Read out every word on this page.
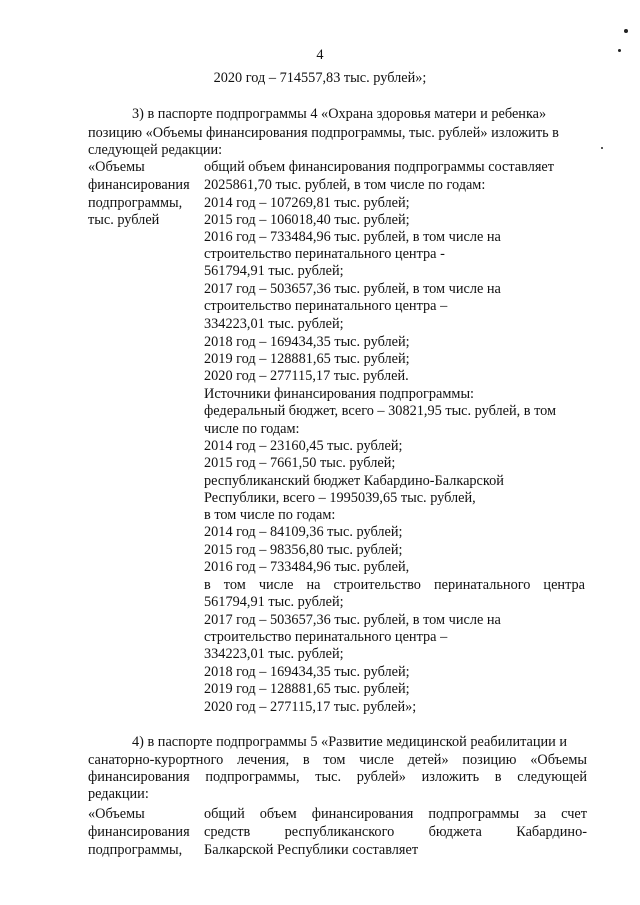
4
2020 год – 714557,83 тыс. рублей»;
3) в паспорте подпрограммы 4 «Охрана здоровья матери и ребенка»
позицию «Объемы финансирования подпрограммы, тыс. рублей» изложить в
следующей редакции:
«Объемы
финансирования
подпрограммы,
тыс. рублей
общий объем финансирования подпрограммы составляет
2025861,70 тыс. рублей, в том числе по годам:
2014 год – 107269,81 тыс. рублей;
2015 год – 106018,40 тыс. рублей;
2016 год – 733484,96 тыс. рублей, в том числе на
строительство перинатального центра -
561794,91 тыс. рублей;
2017 год – 503657,36 тыс. рублей, в том числе на
строительство перинатального центра –
334223,01 тыс. рублей;
2018 год – 169434,35 тыс. рублей;
2019 год – 128881,65 тыс. рублей;
2020 год – 277115,17 тыс. рублей.
Источники финансирования подпрограммы:
федеральный бюджет, всего – 30821,95 тыс. рублей, в том
числе по годам:
2014 год – 23160,45 тыс. рублей;
2015 год – 7661,50 тыс. рублей;
республиканский бюджет Кабардино-Балкарской
Республики, всего – 1995039,65 тыс. рублей,
в том числе по годам:
2014 год – 84109,36 тыс. рублей;
2015 год – 98356,80 тыс. рублей;
2016 год – 733484,96 тыс. рублей,
в том числе на строительство перинатального центра
561794,91 тыс. рублей;
2017 год – 503657,36 тыс. рублей, в том числе на
строительство перинатального центра –
334223,01 тыс. рублей;
2018 год – 169434,35 тыс. рублей;
2019 год – 128881,65 тыс. рублей;
2020 год – 277115,17 тыс. рублей»;
4) в паспорте подпрограммы 5 «Развитие медицинской реабилитации и
санаторно-курортного лечения, в том числе детей» позицию «Объемы
финансирования подпрограммы, тыс. рублей» изложить в следующей
редакции:
«Объемы
финансирования
подпрограммы,
общий объем финансирования подпрограммы за счет
средств республиканского бюджета Кабардино-
Балкарской Республики составляет
